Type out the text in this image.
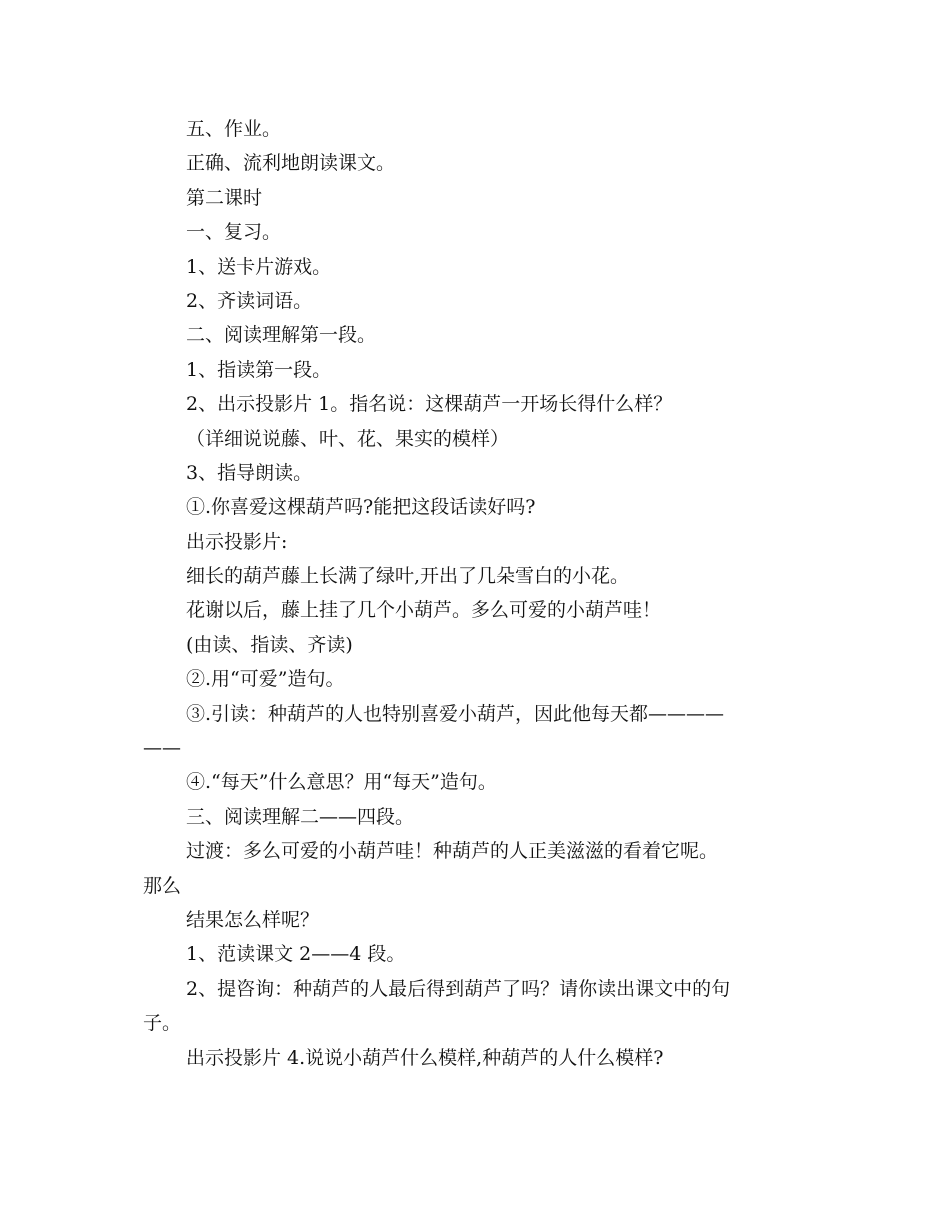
五、作业。
正确、流利地朗读课文。
第二课时
一、复习。
1、送卡片游戏。
2、齐读词语。
二、阅读理解第一段。
1、指读第一段。
2、出示投影片 1。指名说：这棵葫芦一开场长得什么样？
（详细说说藤、叶、花、果实的模样）
3、指导朗读。
①.你喜爱这棵葫芦吗?能把这段话读好吗?
出示投影片:
细长的葫芦藤上长满了绿叶,开出了几朵雪白的小花。
花谢以后，藤上挂了几个小葫芦。多么可爱的小葫芦哇！
(由读、指读、齐读)
②.用“可爱”造句。
③.引读：种葫芦的人也特别喜爱小葫芦，因此他每天都————
——
④.“每天”什么意思？用“每天”造句。
三、阅读理解二——四段。
过渡：多么可爱的小葫芦哇！种葫芦的人正美滋滋的看着它呢。
那么
结果怎么样呢？
1、范读课文 2——4 段。
2、提咨询：种葫芦的人最后得到葫芦了吗？请你读出课文中的句
子。
出示投影片 4.说说小葫芦什么模样,种葫芦的人什么模样?
